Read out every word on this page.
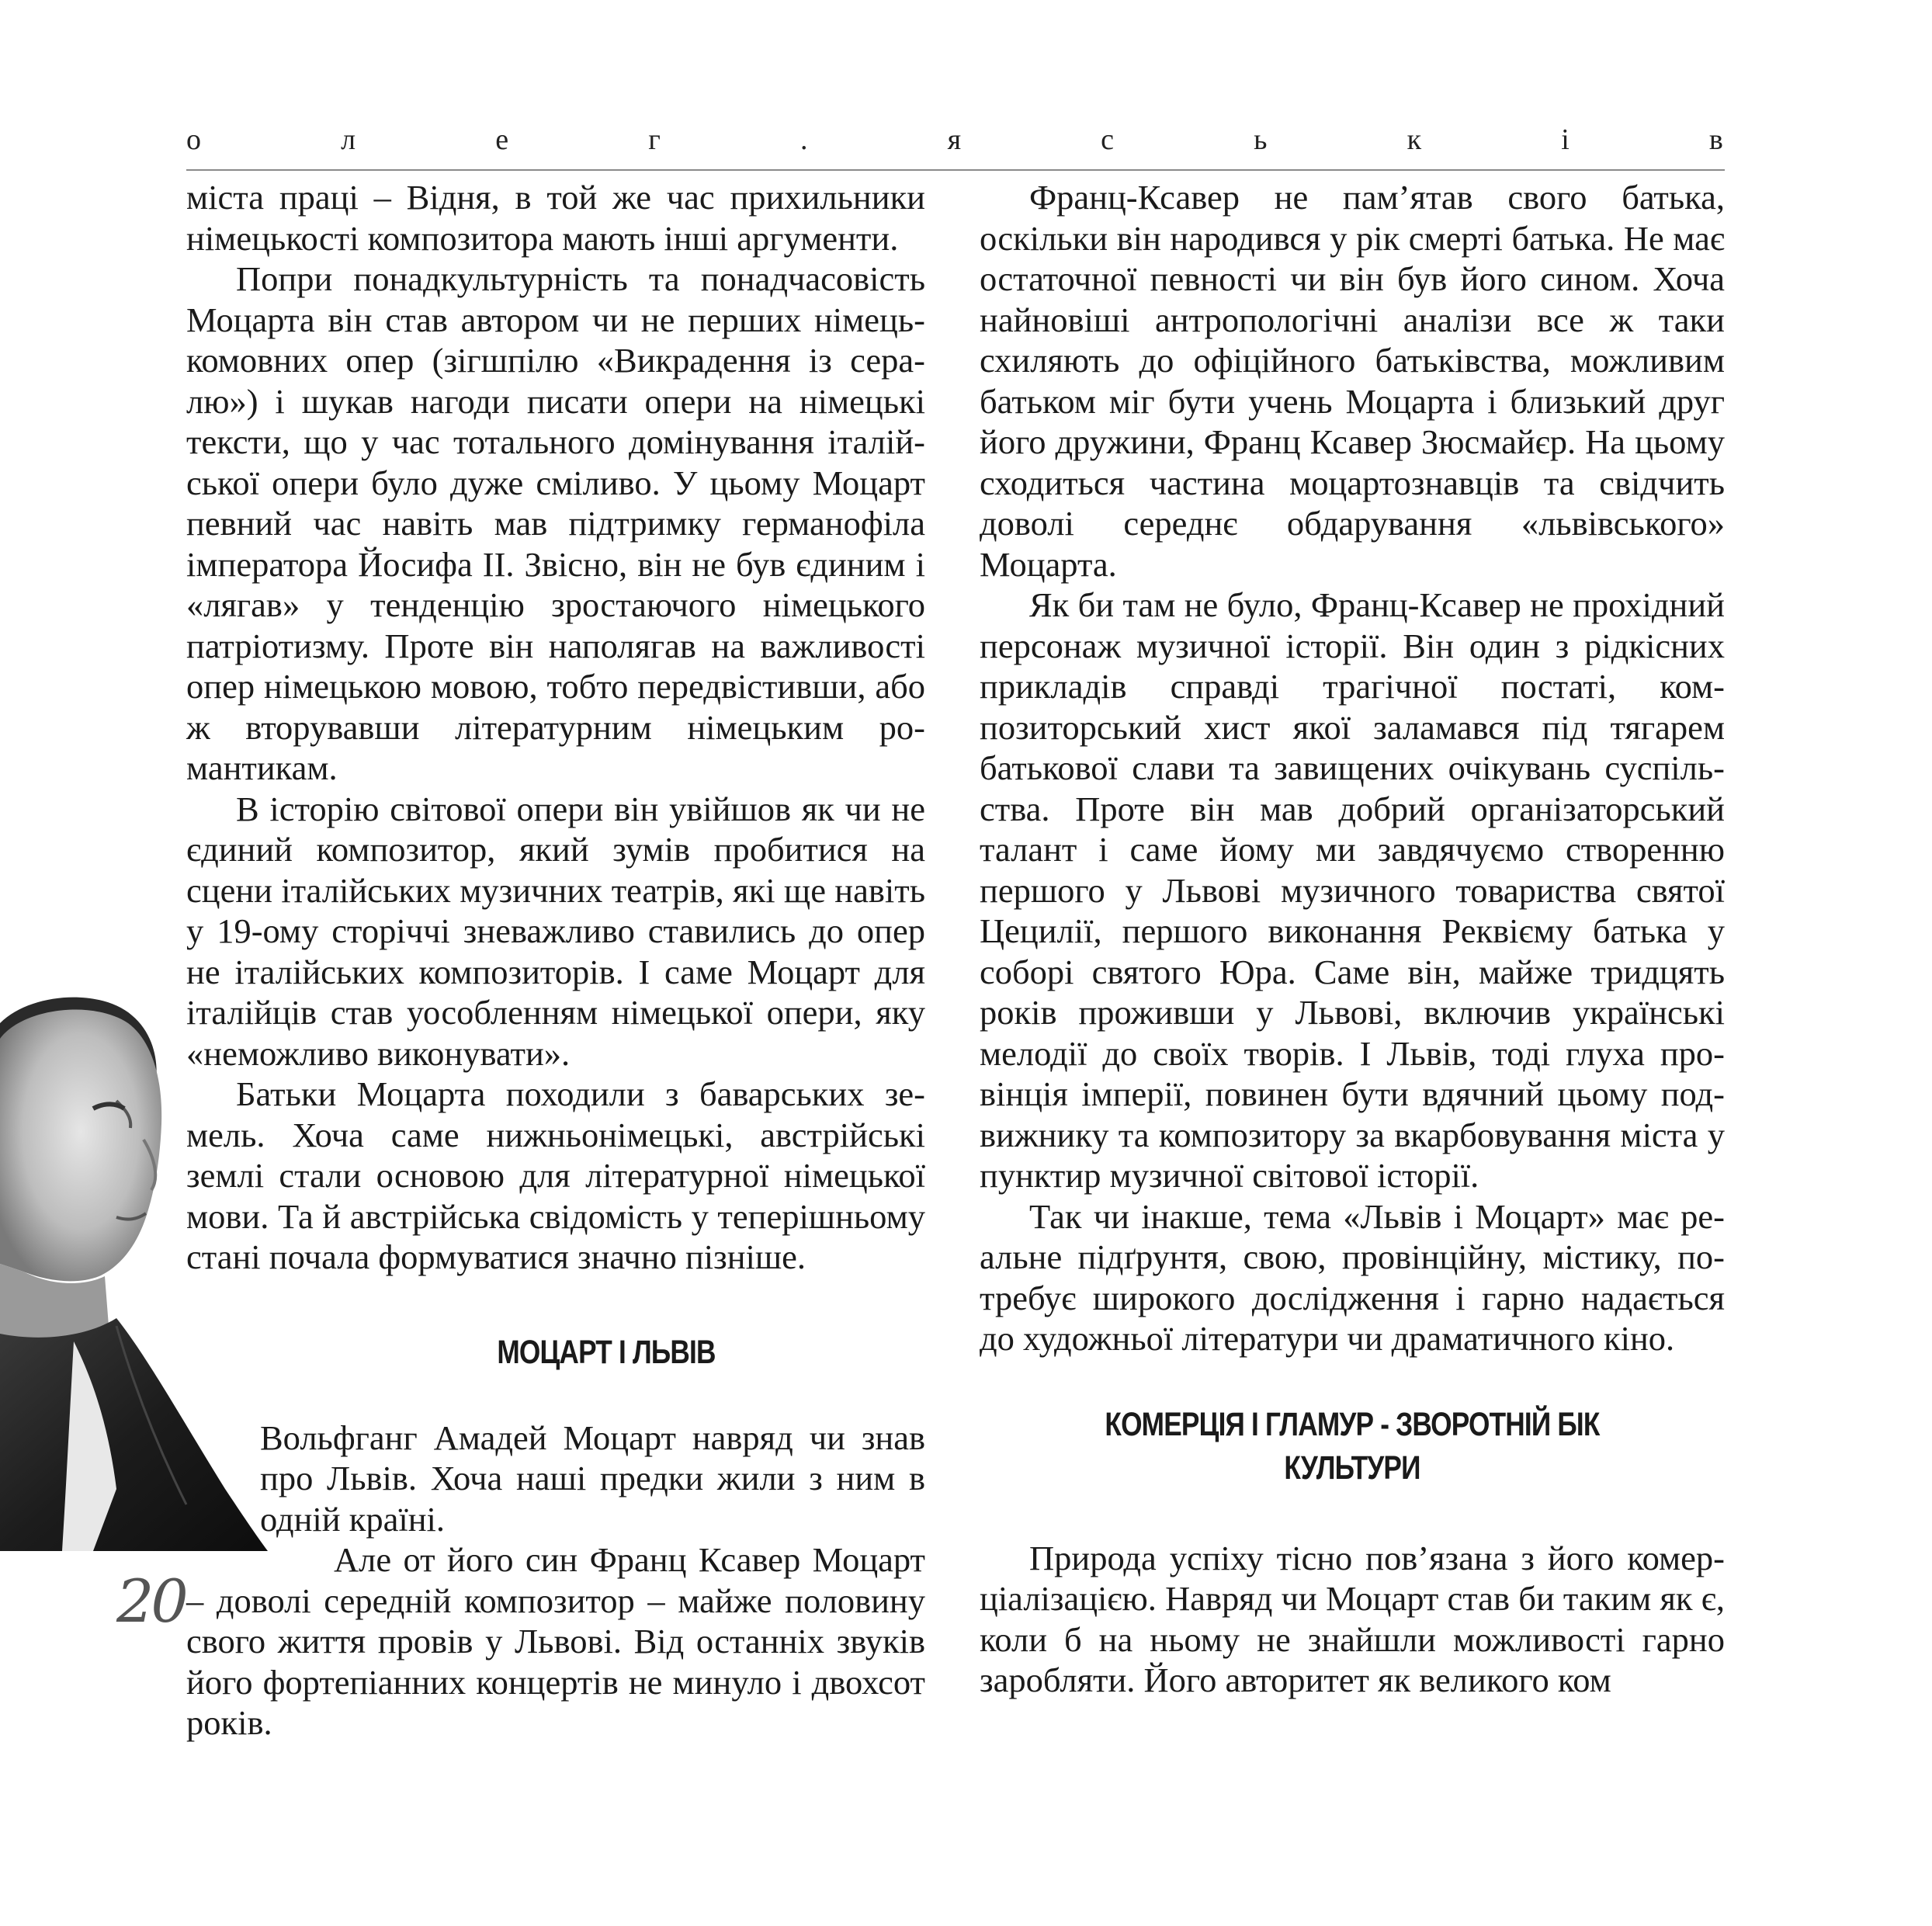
о	л	е	г	.	я	с	ь	к	і	в

міста праці – Відня, в той же час прихильники німецькості композитора мають інші аргументи.

Попри понадкультурність та понадчасовість Моцарта він став автором чи не перших німецькомовних опер (зігшпілю «Викрадення із сералю») і шукав нагоди писати опери на німецькі тексти, що у час тотального домінування італійської опери було дуже сміливо. У цьому Моцарт певний час навіть мав підтримку германофіла імператора Йосифа ІІ. Звісно, він не був єдиним і «лягав» у тенденцію зростаючого німецького патріотизму. Проте він наполягав на важливості опер німецькою мовою, тобто передвістивши, або ж вторувавши літературним німецьким романтикам.

В історію світової опери він увійшов як чи не єдиний композитор, який зумів пробитися на сцени італійських музичних театрів, які ще навіть у 19-ому сторіччі зневажливо ставились до опер не італійських композиторів. І саме Моцарт для італійців став уособленням німецької опери, яку «неможливо виконувати».

Батьки Моцарта походили з баварських земель. Хоча саме нижньонімецькі, австрійські землі стали основою для літературної німецької мови. Та й австрійська свідомість у теперішньому стані почала формуватися значно пізніше.

МОЦАРТ І ЛЬВІВ

Вольфганг Амадей Моцарт навряд чи знав про Львів. Хоча наші предки жили з ним в одній країні.

Але от його син Франц Ксавер Моцарт – доволі середній композитор – майже половину свого життя провів у Львові. Від останніх звуків його фортепіанних концертів не минуло і двохсот років.

Франц-Ксавер не пам’ятав свого батька, оскільки він народився у рік смерті батька. Не має остаточної певності чи він був його сином. Хоча найновіші антропологічні аналізи все ж таки схиляють до офіційного батьківства, можливим батьком міг бути учень Моцарта і близький друг його дружини, Франц Ксавер Зюсмайєр. На цьому сходиться частина моцартознавців та свідчить доволі середнє обдарування «львівського» Моцарта.

Як би там не було, Франц-Ксавер не прохідний персонаж музичної історії. Він один з рідкісних прикладів справді трагічної постаті, композиторський хист якої заламався під тягарем батькової слави та завищених очікувань суспільства. Проте він мав добрий організаторський талант і саме йому ми завдячуємо створенню першого у Львові музичного товариства святої Цецилії, першого виконання Реквієму батька у соборі святого Юра. Саме він, майже тридцять років проживши у Львові, включив українські мелодії до своїх творів. І Львів, тоді глуха провінція імперії, повинен бути вдячний цьому подвижнику та композитору за вкарбовування міста у пунктир музичної світової історії.

Так чи інакше, тема «Львів і Моцарт» має реальне підґрунтя, свою, провінційну, містику, потребує широкого дослідження і гарно надається до художньої літератури чи драматичного кіно.

КОМЕРЦІЯ І ГЛАМУР - ЗВОРОТНІЙ БІК КУЛЬТУРИ

Природа успіху тісно пов’язана з його комерціалізацією. Навряд чи Моцарт став би таким як є, коли б на ньому не знайшли можливості гарно заробляти. Його авторитет як великого ком

20
